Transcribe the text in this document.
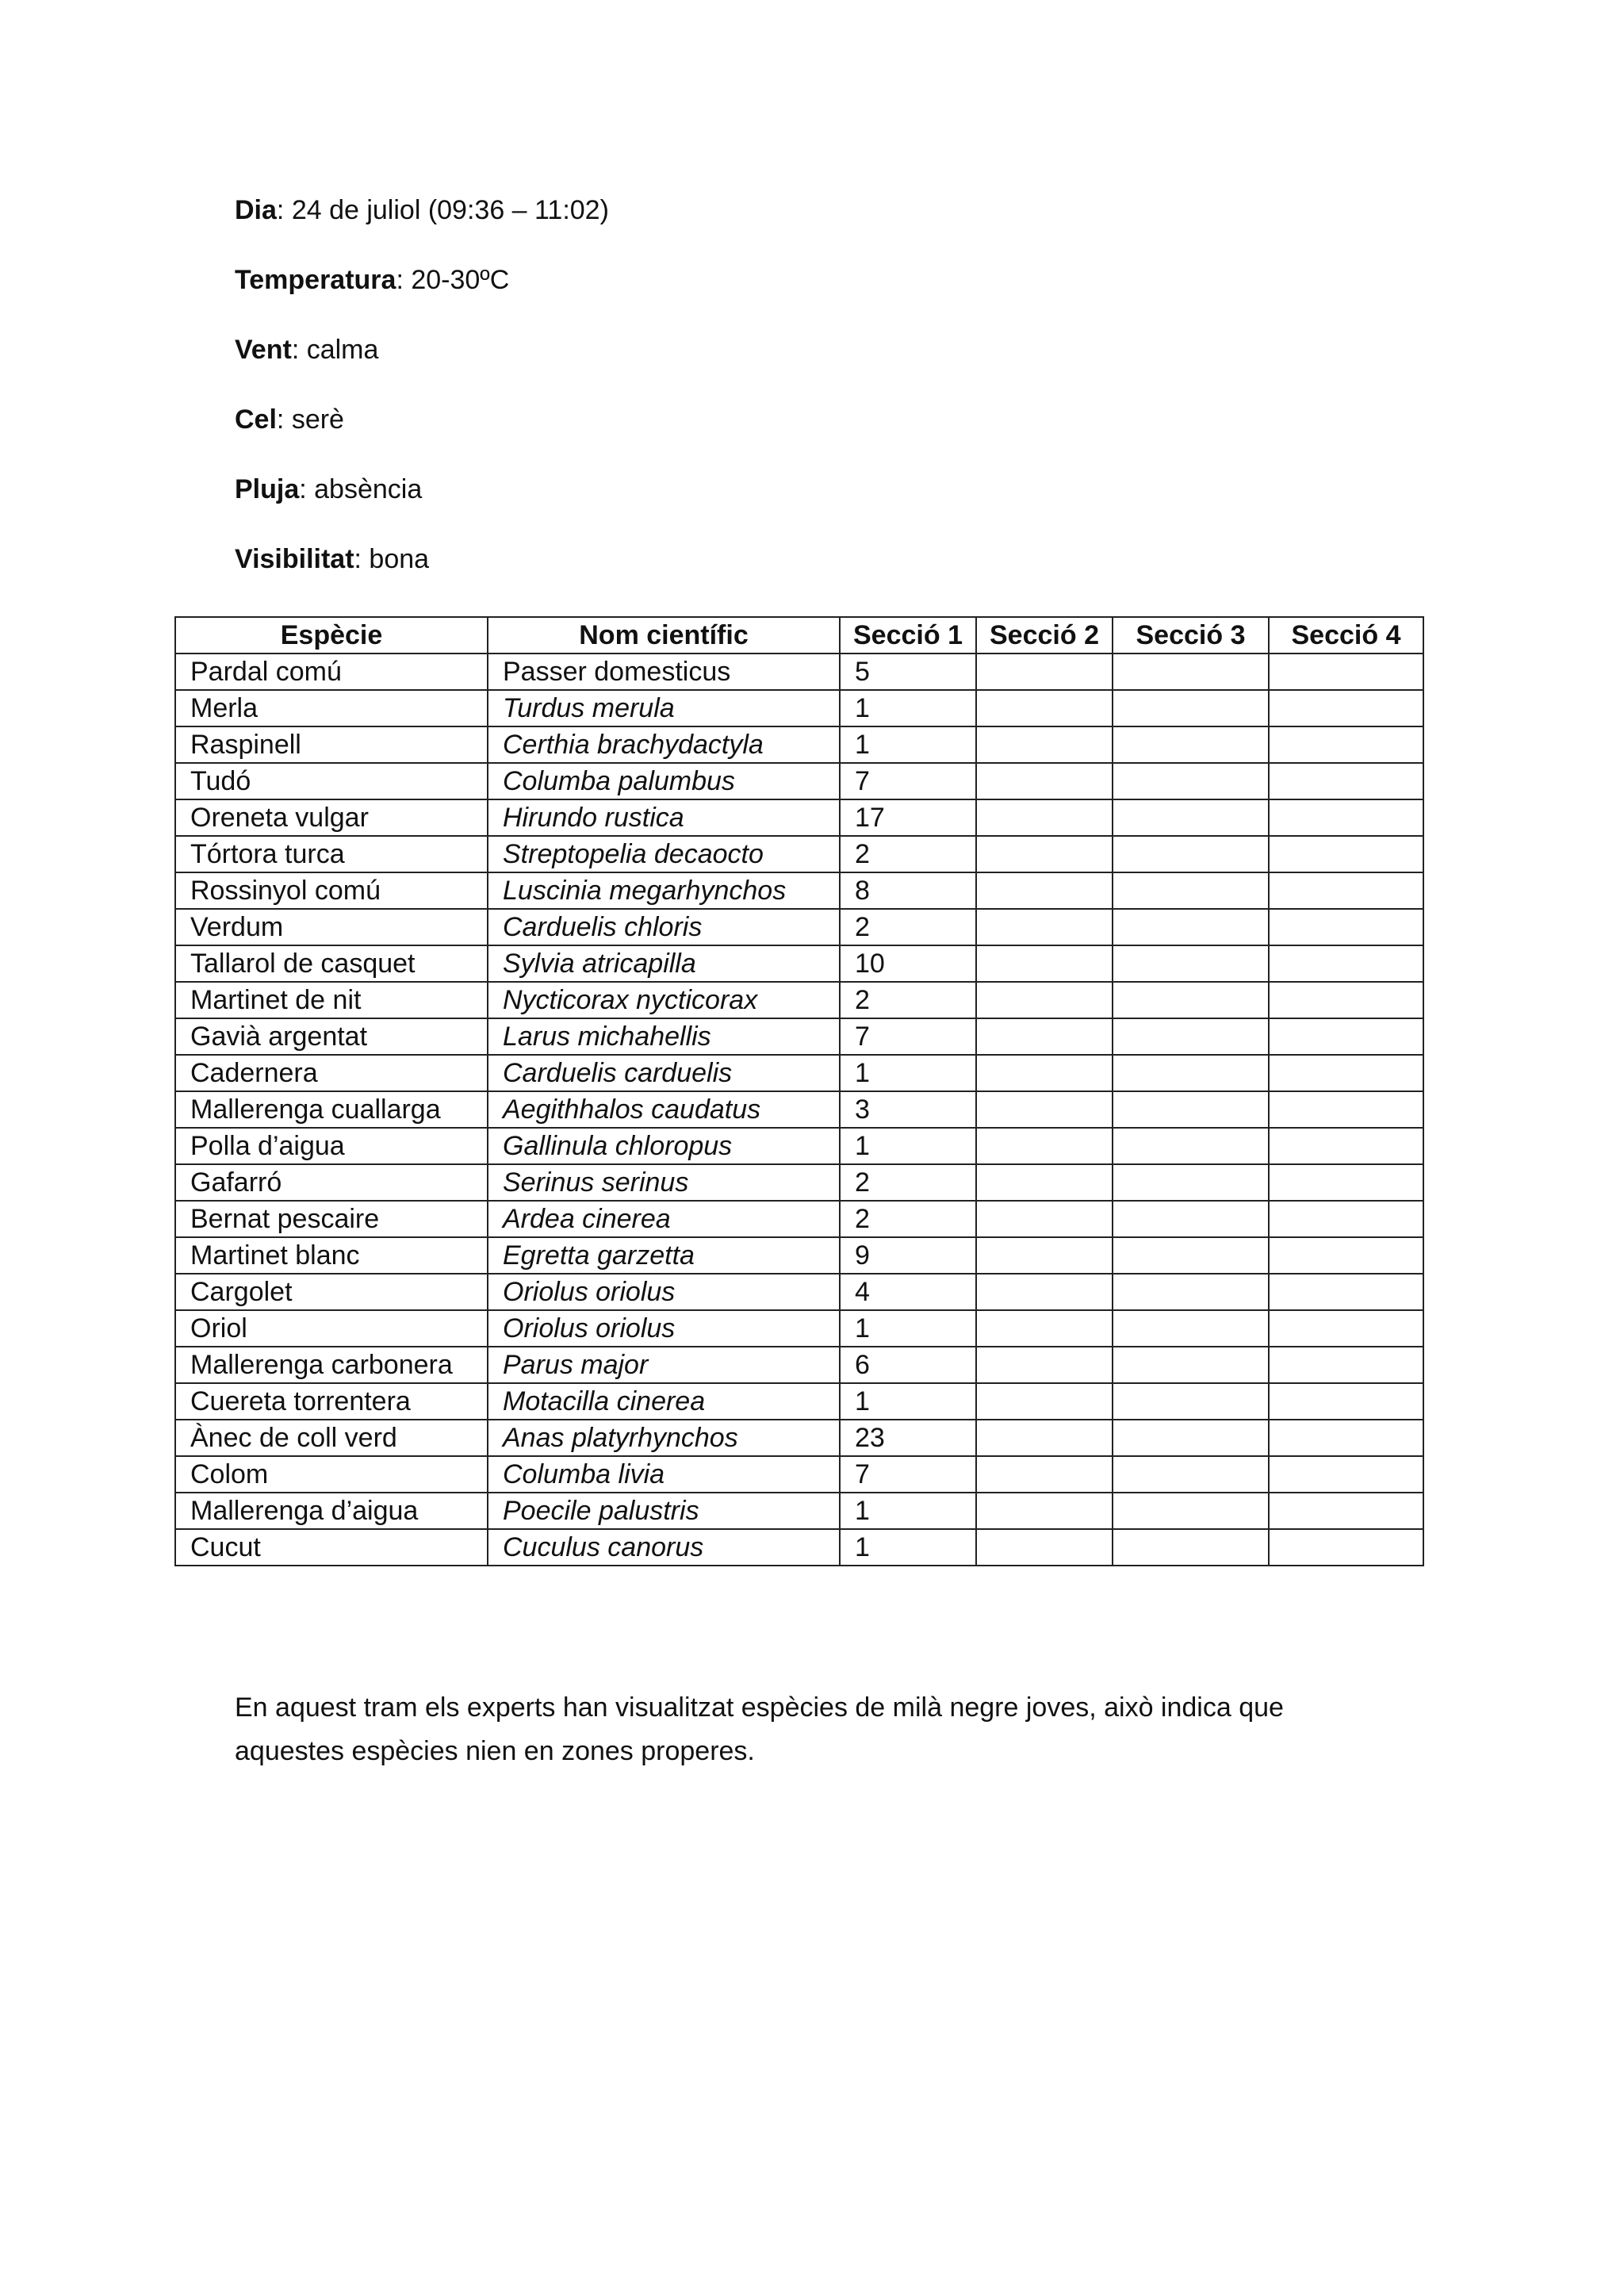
Dia: 24 de juliol (09:36 – 11:02)
Temperatura: 20-30ºC
Vent: calma
Cel: serè
Pluja: absència
Visibilitat: bona
Espècie	Nom científic	Secció 1	Secció 2	Secció 3	Secció 4
Pardal comú	Passer domesticus	5			
Merla	Turdus merula	1			
Raspinell	Certhia brachydactyla	1			
Tudó	Columba palumbus	7			
Oreneta vulgar	Hirundo rustica	17			
Tórtora turca	Streptopelia decaocto	2			
Rossinyol comú	Luscinia megarhynchos	8			
Verdum	Carduelis chloris	2			
Tallarol de casquet	Sylvia atricapilla	10			
Martinet de nit	Nycticorax nycticorax	2			
Gavià argentat	Larus michahellis	7			
Cadernera	Carduelis carduelis	1			
Mallerenga cuallarga	Aegithhalos caudatus	3			
Polla d’aigua	Gallinula chloropus	1			
Gafarró	Serinus serinus	2			
Bernat pescaire	Ardea cinerea	2			
Martinet blanc	Egretta garzetta	9			
Cargolet	Oriolus oriolus	4			
Oriol	Oriolus oriolus	1			
Mallerenga carbonera	Parus major	6			
Cuereta torrentera	Motacilla cinerea	1			
Ànec de coll verd	Anas platyrhynchos	23			
Colom	Columba livia	7			
Mallerenga d’aigua	Poecile palustris	1			
Cucut	Cuculus canorus	1			
En aquest tram els experts han visualitzat espècies de milà negre joves, això indica que aquestes espècies nien en zones properes.
